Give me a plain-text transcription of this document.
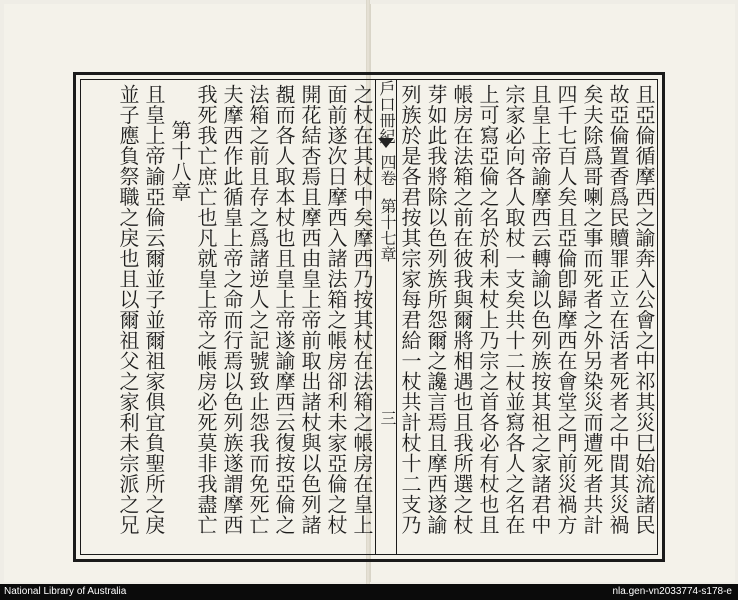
且亞倫循摩西之諭奔入公會之中祁其災巳始流諸民
故亞倫置香爲民贖罪正立在活者死者之中間其災禍
矣夫除爲哥喇之事而死者之外另染災而遭死者共計
四千七百人矣且亞倫卽歸摩西在會堂之門前災禍方
且皇上帝諭摩西云轉諭以色列族按其祖之家諸君中
宗家必向各人取杖一支矣共十二杖並寫各人之名在
上可寫亞倫之名於利未杖上乃宗之首各必有杖也且
帳房在法箱之前在彼我與爾將相遇也且我所選之杖
芽如此我將除以色列族所怨爾之讒言焉且摩西遂諭
列族於是各君按其宗家每君給一杖共計杖十二支乃
戶口冊紀
四卷
第十七章
三
之杖在其杖中矣摩西乃按其杖在法箱之帳房在皇上
面前遂次日摩西入諸法箱之帳房卻利未家亞倫之杖
開花結杏焉且摩西由皇上帝前取出諸杖與以色列諸
覩而各人取本杖也且皇上帝遂諭摩西云復按亞倫之
法箱之前且存之爲諸逆人之記號致止怨我而免死亡
夫摩西作此循皇上帝之命而行焉以色列族遂謂摩西
我死我亡庶亡也凡就皇上帝之帳房必死莫非我盡亡
第十八章
且皇上帝諭亞倫云爾並子並爾祖家俱宜負聖所之戾
並子應負祭職之戾也且以爾祖父之家利未宗派之兄
National Library of Australia	nla.gen-vn2033774-s178-e
